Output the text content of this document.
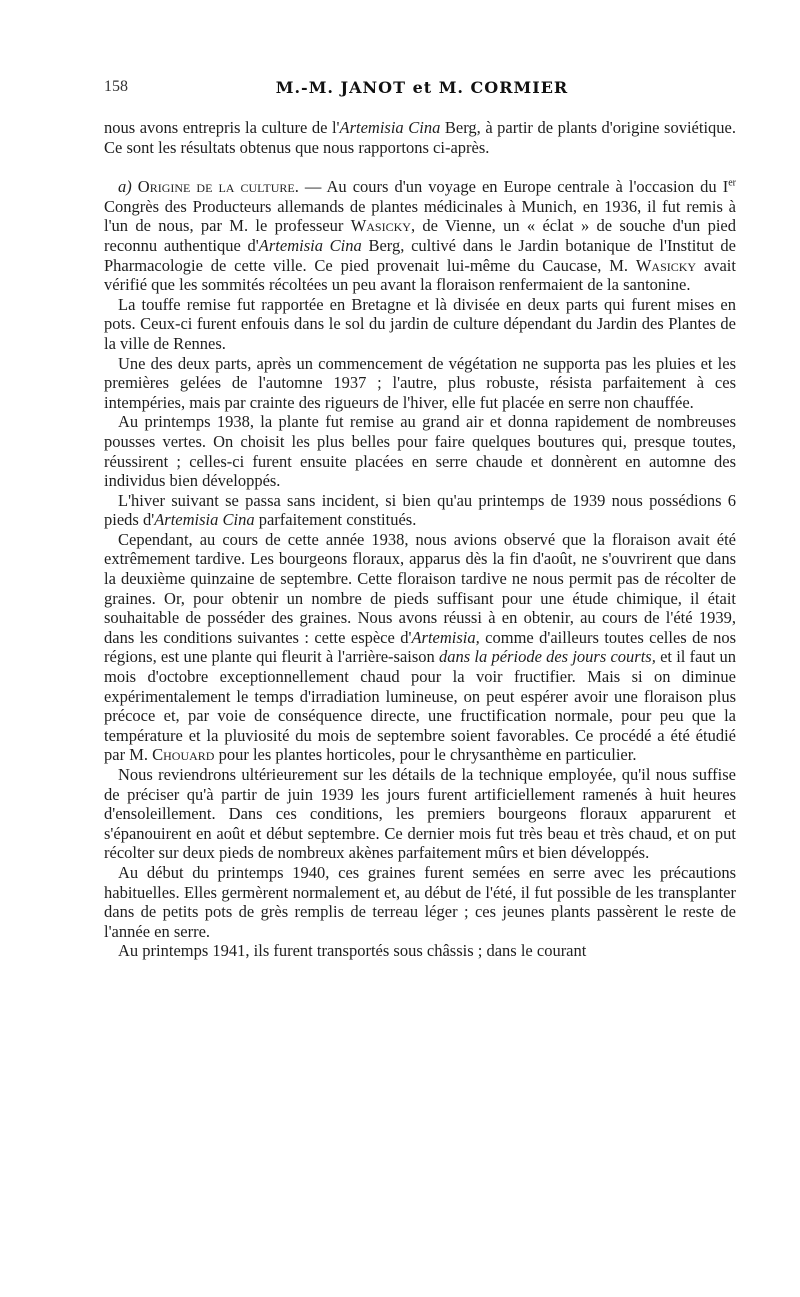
158	M.-M. JANOT et M. CORMIER

nous avons entrepris la culture de l'Artemisia Cina Berg, à partir de plants d'origine soviétique. Ce sont les résultats obtenus que nous rapportons ci-après.

a) Origine de la culture. — Au cours d'un voyage en Europe centrale à l'occasion du Ier Congrès des Producteurs allemands de plantes médicinales à Munich, en 1936, il fut remis à l'un de nous, par M. le professeur Wasicky, de Vienne, un « éclat » de souche d'un pied reconnu authentique d'Artemisia Cina Berg, cultivé dans le Jardin botanique de l'Institut de Pharmacologie de cette ville. Ce pied provenait lui-même du Caucase, M. Wasicky avait vérifié que les sommités récoltées un peu avant la floraison renfermaient de la santonine.

La touffe remise fut rapportée en Bretagne et là divisée en deux parts qui furent mises en pots. Ceux-ci furent enfouis dans le sol du jardin de culture dépendant du Jardin des Plantes de la ville de Rennes.

Une des deux parts, après un commencement de végétation ne supporta pas les pluies et les premières gelées de l'automne 1937 ; l'autre, plus robuste, résista parfaitement à ces intempéries, mais par crainte des rigueurs de l'hiver, elle fut placée en serre non chauffée.

Au printemps 1938, la plante fut remise au grand air et donna rapidement de nombreuses pousses vertes. On choisit les plus belles pour faire quelques boutures qui, presque toutes, réussirent ; celles-ci furent ensuite placées en serre chaude et donnèrent en automne des individus bien développés.

L'hiver suivant se passa sans incident, si bien qu'au printemps de 1939 nous possédions 6 pieds d'Artemisia Cina parfaitement constitués.

Cependant, au cours de cette année 1938, nous avions observé que la floraison avait été extrêmement tardive. Les bourgeons floraux, apparus dès la fin d'août, ne s'ouvrirent que dans la deuxième quinzaine de septembre. Cette floraison tardive ne nous permit pas de récolter de graines. Or, pour obtenir un nombre de pieds suffisant pour une étude chimique, il était souhaitable de posséder des graines. Nous avons réussi à en obtenir, au cours de l'été 1939, dans les conditions suivantes : cette espèce d'Artemisia, comme d'ailleurs toutes celles de nos régions, est une plante qui fleurit à l'arrière-saison dans la période des jours courts, et il faut un mois d'octobre exceptionnellement chaud pour la voir fructifier. Mais si on diminue expérimentalement le temps d'irradiation lumineuse, on peut espérer avoir une floraison plus précoce et, par voie de conséquence directe, une fructification normale, pour peu que la température et la pluviosité du mois de septembre soient favorables. Ce procédé a été étudié par M. Chouard pour les plantes horticoles, pour le chrysanthème en particulier.

Nous reviendrons ultérieurement sur les détails de la technique employée, qu'il nous suffise de préciser qu'à partir de juin 1939 les jours furent artificiellement ramenés à huit heures d'ensoleillement. Dans ces conditions, les premiers bourgeons floraux apparurent et s'épanouirent en août et début septembre. Ce dernier mois fut très beau et très chaud, et on put récolter sur deux pieds de nombreux akènes parfaitement mûrs et bien développés.

Au début du printemps 1940, ces graines furent semées en serre avec les précautions habituelles. Elles germèrent normalement et, au début de l'été, il fut possible de les transplanter dans de petits pots de grès remplis de terreau léger ; ces jeunes plants passèrent le reste de l'année en serre.

Au printemps 1941, ils furent transportés sous châssis ; dans le courant
